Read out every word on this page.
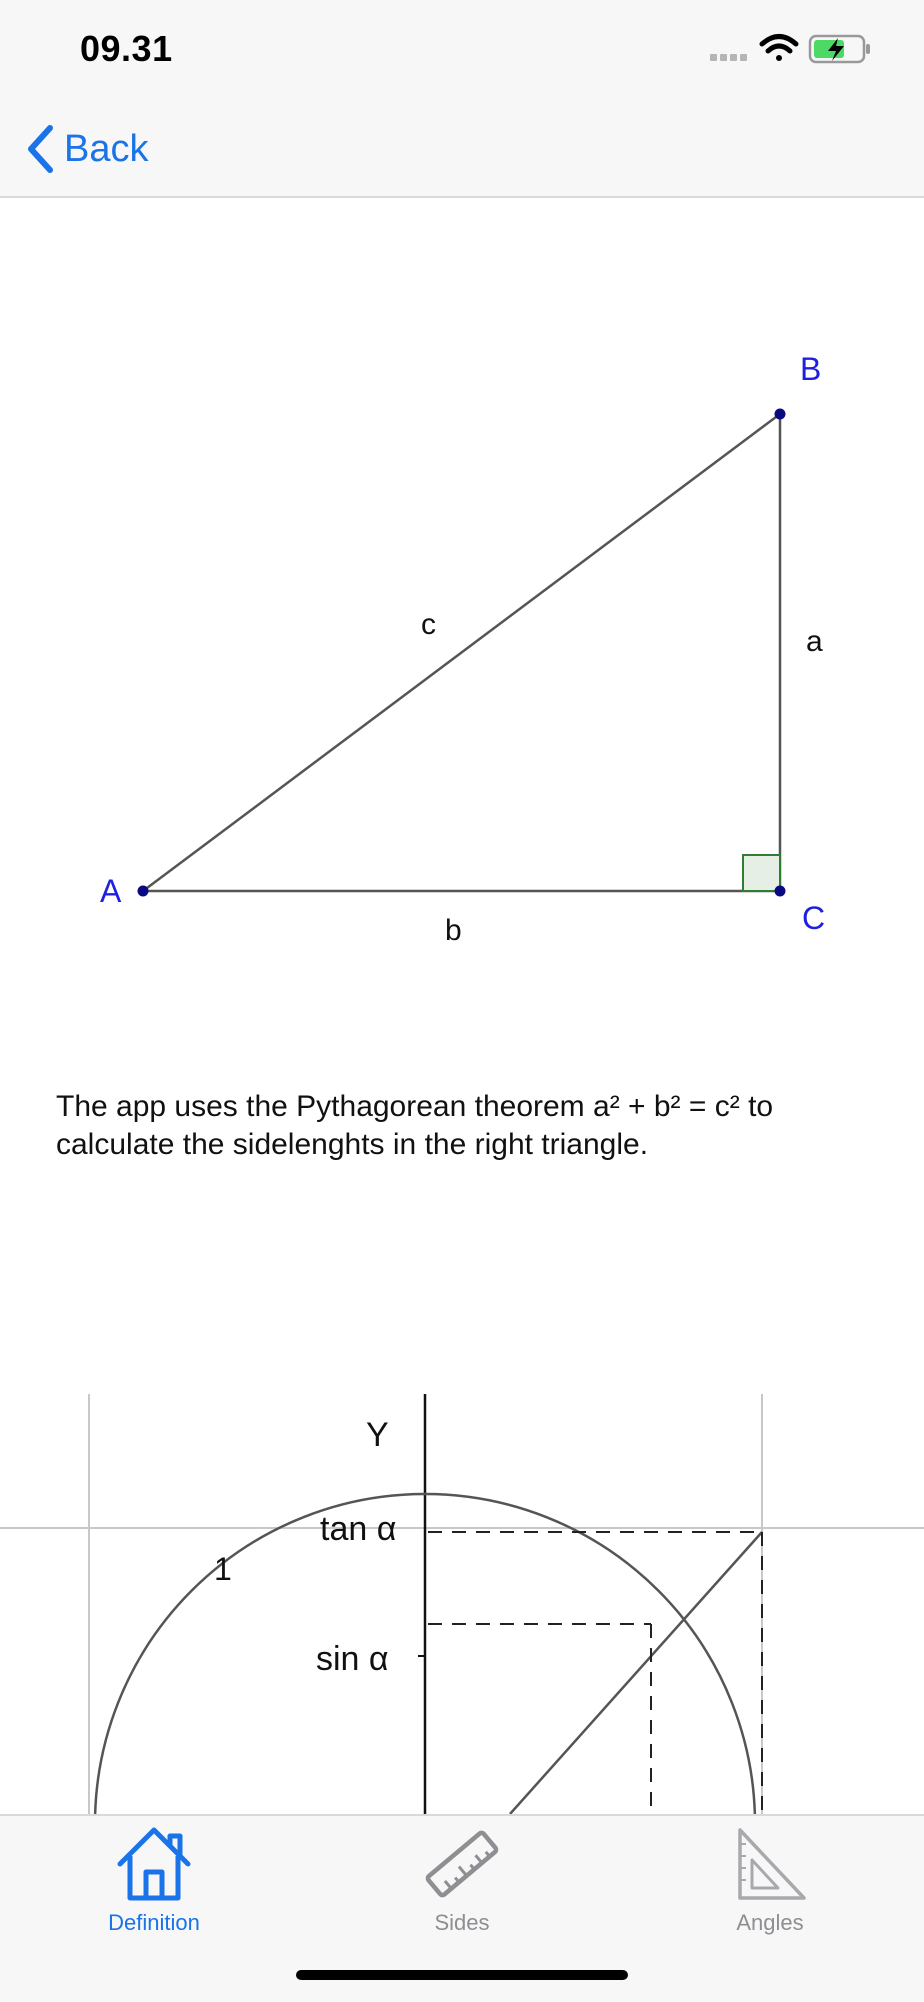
09.31
Back
A
B
C
c
a
b
The app uses the Pythagorean theorem a² + b² = c² to calculate the sidelenghts in the right triangle.
Y
tan α
sin α
1
Definition	Sides	Angles
